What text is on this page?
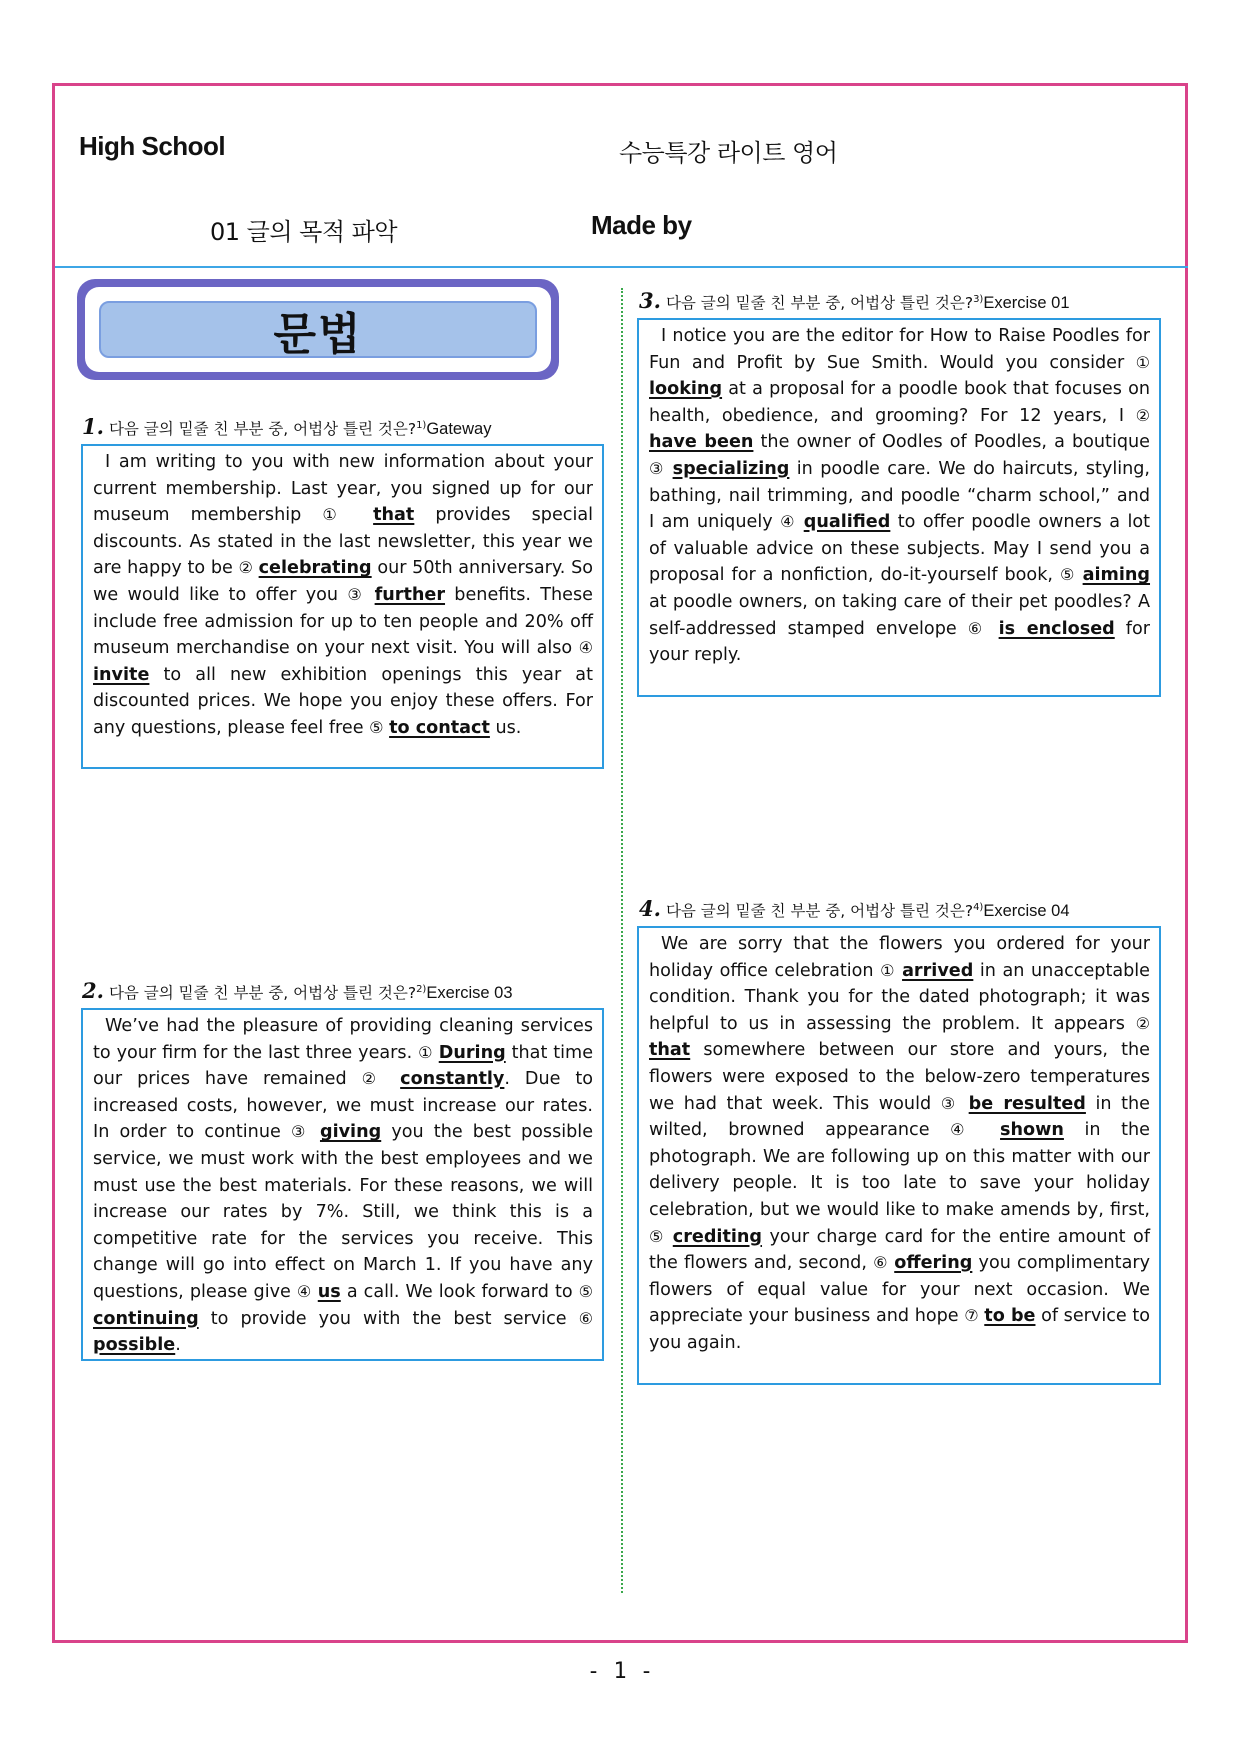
High School	수능특강 라이트 영어
01 글의 목적 파악	Made by
문법
1. 다음 글의 밑줄 친 부분 중, 어법상 틀린 것은?$^{1)}$Gateway
I am writing to you with new information about your current membership. Last year, you signed up for our museum membership ① that provides special discounts. As stated in the last newsletter, this year we are happy to be ② celebrating our 50th anniversary. So we would like to offer you ③ further benefits. These include free admission for up to ten people and 20% off museum merchandise on your next visit. You will also ④ invite to all new exhibition openings this year at discounted prices. We hope you enjoy these offers. For any questions, please feel free ⑤ to contact us.
2. 다음 글의 밑줄 친 부분 중, 어법상 틀린 것은?$^{2)}$Exercise 03
We’ve had the pleasure of providing cleaning services to your firm for the last three years. ① During that time our prices have remained ② constantly. Due to increased costs, however, we must increase our rates. In order to continue ③ giving you the best possible service, we must work with the best employees and we must use the best materials. For these reasons, we will increase our rates by 7%. Still, we think this is a competitive rate for the services you receive. This change will go into effect on March 1. If you have any questions, please give ④ us a call. We look forward to ⑤ continuing to provide you with the best service ⑥ possible.
3. 다음 글의 밑줄 친 부분 중, 어법상 틀린 것은?$^{3)}$Exercise 01
I notice you are the editor for How to Raise Poodles for Fun and Profit by Sue Smith. Would you consider ① looking at a proposal for a poodle book that focuses on health, obedience, and grooming? For 12 years, I ② have been the owner of Oodles of Poodles, a boutique ③ specializing in poodle care. We do haircuts, styling, bathing, nail trimming, and poodle “charm school,” and I am uniquely ④ qualified to offer poodle owners a lot of valuable advice on these subjects. May I send you a proposal for a nonfiction, do-it-yourself book, ⑤ aiming at poodle owners, on taking care of their pet poodles? A self-addressed stamped envelope ⑥ is enclosed for your reply.
4. 다음 글의 밑줄 친 부분 중, 어법상 틀린 것은?$^{4)}$Exercise 04
We are sorry that the flowers you ordered for your holiday office celebration ① arrived in an unacceptable condition. Thank you for the dated photograph; it was helpful to us in assessing the problem. It appears ② that somewhere between our store and yours, the flowers were exposed to the below-zero temperatures we had that week. This would ③ be resulted in the wilted, browned appearance ④ shown in the photograph. We are following up on this matter with our delivery people. It is too late to save your holiday celebration, but we would like to make amends by, first, ⑤ crediting your charge card for the entire amount of the flowers and, second, ⑥ offering you complimentary flowers of equal value for your next occasion. We appreciate your business and hope ⑦ to be of service to you again.
- 1 -
